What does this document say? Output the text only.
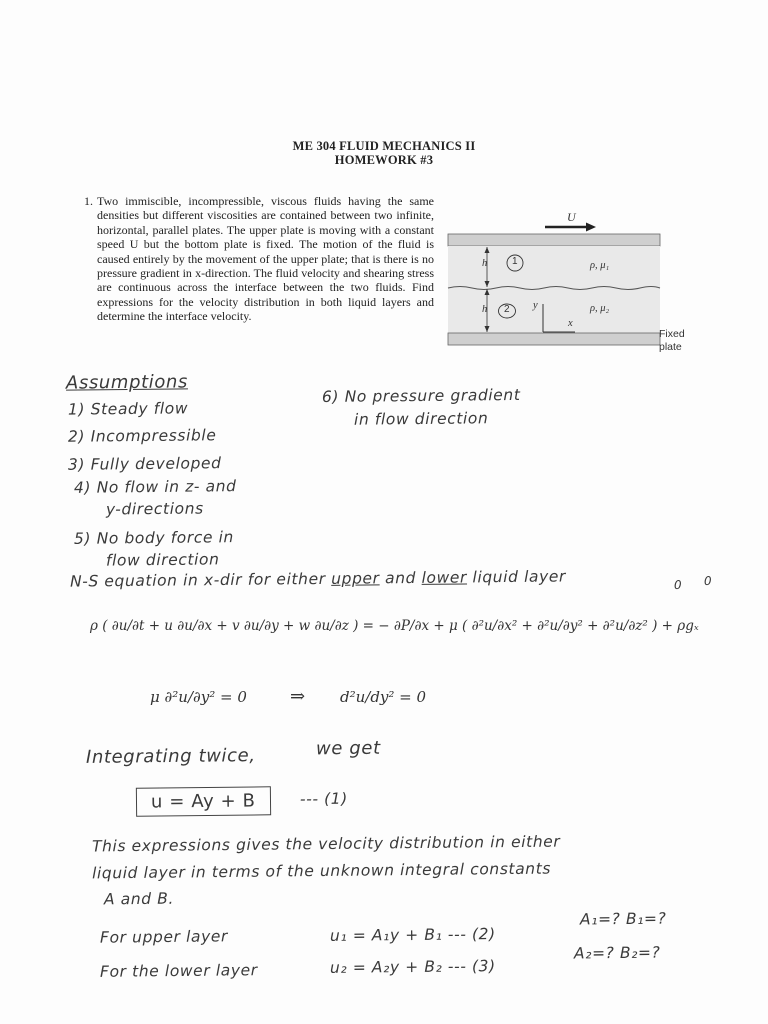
ME 304 FLUID MECHANICS II
HOMEWORK #3
1. Two immiscible, incompressible, viscous fluids having the same densities but different viscosities are contained between two infinite, horizontal, parallel plates. The upper plate is moving with a constant speed U but the bottom plate is fixed. The motion of the fluid is caused entirely by the movement of the upper plate; that is there is no pressure gradient in x-direction. The fluid velocity and shearing stress are continuous across the interface between the two fluids. Find expressions for the velocity distribution in both liquid layers and determine the interface velocity.
U
h
h
1
2
ρ, μ₁
ρ, μ₂
y
x
Fixed
plate
Assumptions
1) Steady flow
2) Incompressible
3) Fully developed
4) No flow in z- and
y-directions
5) No body force in
flow direction
6) No pressure gradient
in flow direction
N-S equation in x-dir for either upper and lower liquid layer	0 0
ρ ( ∂u/∂t + u ∂u/∂x + v ∂u/∂y + w ∂u/∂z ) = − ∂P/∂x + μ ( ∂²u/∂x² + ∂²u/∂y² + ∂²u/∂z² ) + ρgₓ
μ ∂²u/∂y² = 0 ⇒ d²u/dy² = 0
Integrating twice,	we get
u = Ay + B	--- (1)
This expressions gives the velocity distribution in either
liquid layer in terms of the unknown integral constants
A and B.
For upper layer	u₁ = A₁y + B₁ --- (2)
A₁=? B₁=?
For the lower layer	u₂ = A₂y + B₂ --- (3)
A₂=? B₂=?
